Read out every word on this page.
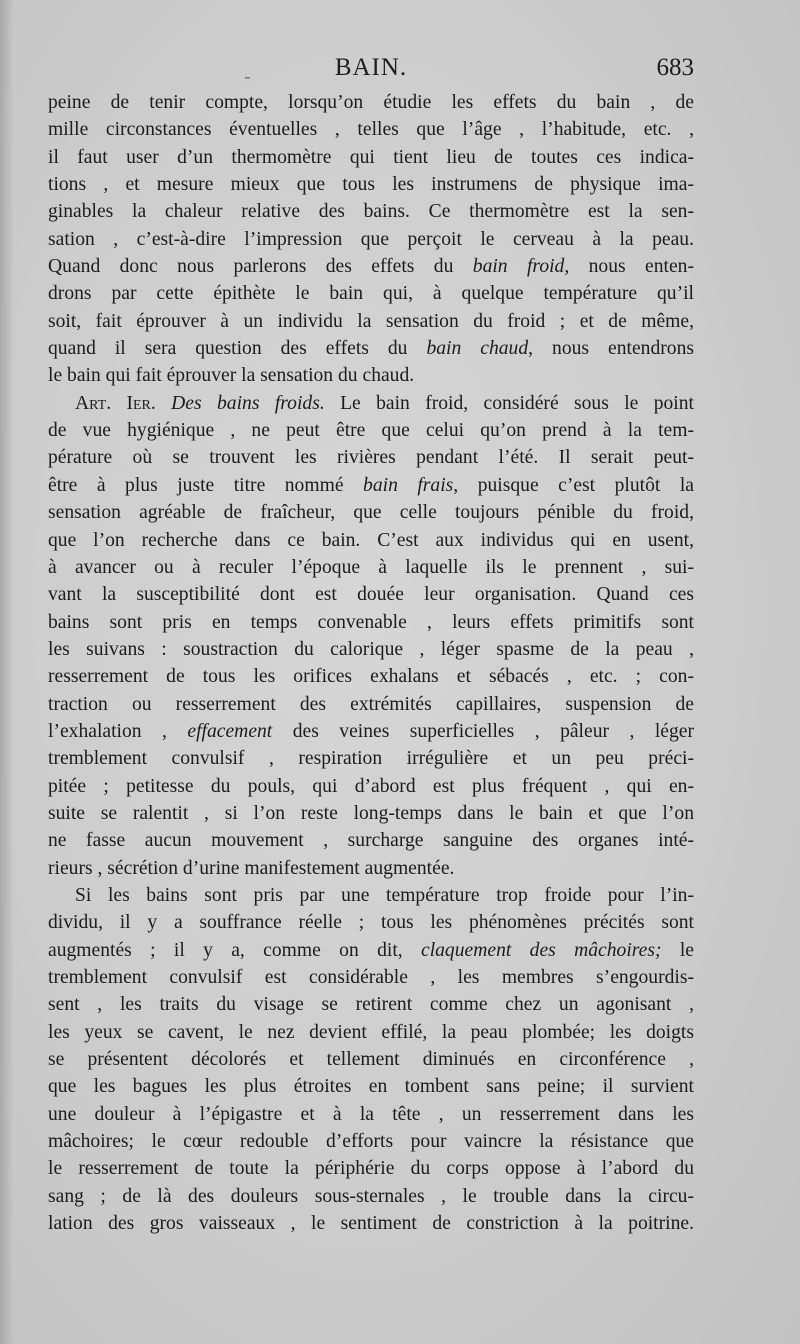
-	BAIN.	683
peine de tenir compte, lorsqu’on étudie les effets du bain , de
mille circonstances éventuelles , telles que l’âge , l’habitude, etc. ,
il faut user d’un thermomètre qui tient lieu de toutes ces indica-
tions , et mesure mieux que tous les instrumens de physique ima-
ginables la chaleur relative des bains. Ce thermomètre est la sen-
sation , c’est-à-dire l’impression que perçoit le cerveau à la peau.
Quand donc nous parlerons des effets du bain froid, nous enten-
drons par cette épithète le bain qui, à quelque température qu’il
soit, fait éprouver à un individu la sensation du froid ; et de même,
quand il sera question des effets du bain chaud, nous entendrons
le bain qui fait éprouver la sensation du chaud.
Art. Ier. Des bains froids. Le bain froid, considéré sous le point
de vue hygiénique , ne peut être que celui qu’on prend à la tem-
pérature où se trouvent les rivières pendant l’été. Il serait peut-
être à plus juste titre nommé bain frais, puisque c’est plutôt la
sensation agréable de fraîcheur, que celle toujours pénible du froid,
que l’on recherche dans ce bain. C’est aux individus qui en usent,
à avancer ou à reculer l’époque à laquelle ils le prennent , sui-
vant la susceptibilité dont est douée leur organisation. Quand ces
bains sont pris en temps convenable , leurs effets primitifs sont
les suivans : soustraction du calorique , léger spasme de la peau ,
resserrement de tous les orifices exhalans et sébacés , etc. ; con-
traction ou resserrement des extrémités capillaires, suspension de
l’exhalation , effacement des veines superficielles , pâleur , léger
tremblement convulsif , respiration irrégulière et un peu préci-
pitée ; petitesse du pouls, qui d’abord est plus fréquent , qui en-
suite se ralentit , si l’on reste long-temps dans le bain et que l’on
ne fasse aucun mouvement , surcharge sanguine des organes inté-
rieurs , sécrétion d’urine manifestement augmentée.
Si les bains sont pris par une température trop froide pour l’in-
dividu, il y a souffrance réelle ; tous les phénomènes précités sont
augmentés ; il y a, comme on dit, claquement des mâchoires; le
tremblement convulsif est considérable , les membres s’engourdis-
sent , les traits du visage se retirent comme chez un agonisant ,
les yeux se cavent, le nez devient effilé, la peau plombée; les doigts
se présentent décolorés et tellement diminués en circonférence ,
que les bagues les plus étroites en tombent sans peine; il survient
une douleur à l’épigastre et à la tête , un resserrement dans les
mâchoires; le cœur redouble d’efforts pour vaincre la résistance que
le resserrement de toute la périphérie du corps oppose à l’abord du
sang ; de là des douleurs sous-sternales , le trouble dans la circu-
lation des gros vaisseaux , le sentiment de constriction à la poitrine.
